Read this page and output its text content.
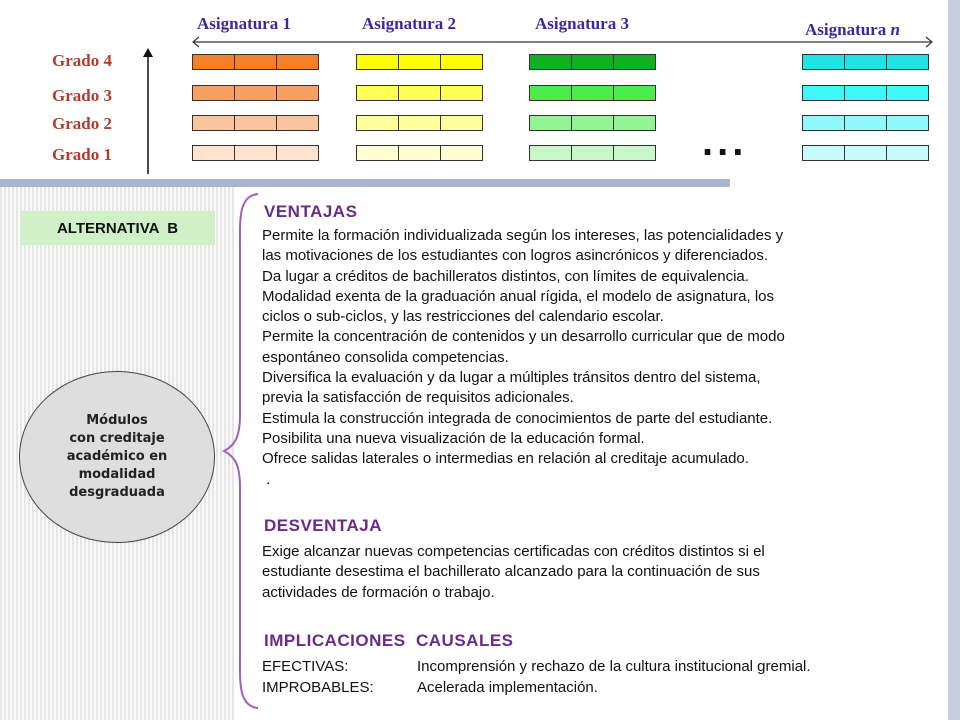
Asignatura 1	Asignatura 2	Asignatura 3	Asignatura n
Grado 4
Grado 3
Grado 2
Grado 1	...
ALTERNATIVA  B
Módulos
con creditaje
académico en
modalidad
desgraduada
VENTAJAS
Permite la formación individualizada según los intereses, las potencialidades y
las motivaciones de los estudiantes con logros asincrónicos y diferenciados.
Da lugar a créditos de bachilleratos distintos, con límites de equivalencia.
Modalidad exenta de la graduación anual rígida, el modelo de asignatura, los
ciclos o sub-ciclos, y las restricciones del calendario escolar.
Permite la concentración de contenidos y un desarrollo curricular que de modo
espontáneo consolida competencias.
Diversifica la evaluación y da lugar a múltiples tránsitos dentro del sistema,
previa la satisfacción de requisitos adicionales.
Estimula la construcción integrada de conocimientos de parte del estudiante.
Posibilita una nueva visualización de la educación formal.
Ofrece salidas laterales o intermedias en relación al creditaje acumulado.
.
DESVENTAJA
Exige alcanzar nuevas competencias certificadas con créditos distintos si el
estudiante desestima el bachillerato alcanzado para la continuación de sus
actividades de formación o trabajo.
IMPLICACIONES  CAUSALES
EFECTIVAS:	Incomprensión y rechazo de la cultura institucional gremial.
IMPROBABLES:	Acelerada implementación.
